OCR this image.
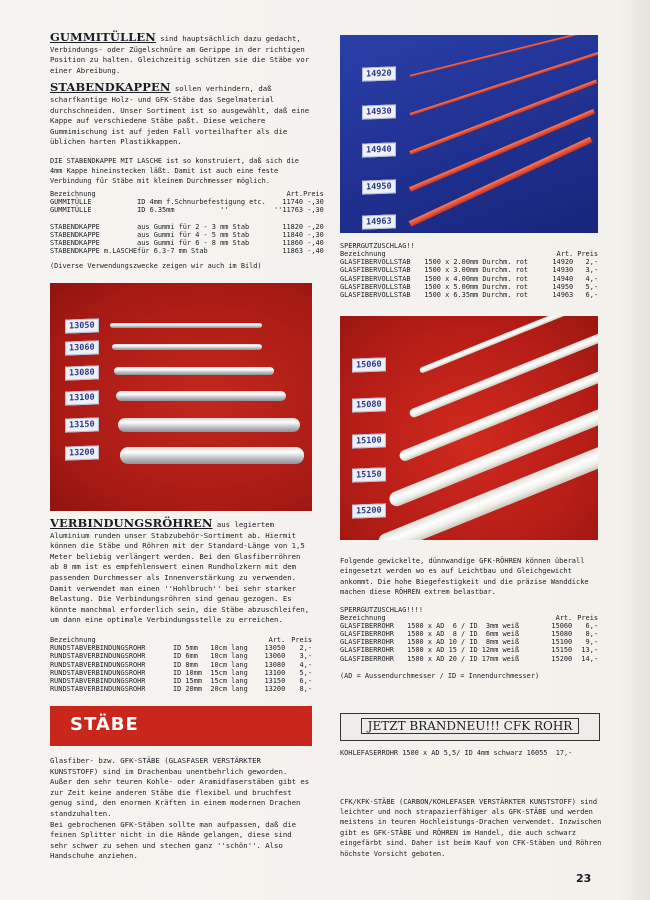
GUMMITÜLLEN sind hauptsächlich dazu gedacht, Verbindungs- oder Zügelschnüre am Gerippe in der richtigen Position zu halten. Gleichzeitig schützen sie die Stäbe vor einer Abreibung.

STABENDKAPPEN sollen verhindern, daß scharfkantige Holz- und GFK-Stäbe das Segelmaterial durchschneiden. Unser Sortiment ist so ausgewählt, daß eine Kappe auf verschiedene Stäbe paßt. Diese weichere Gummimischung ist auf jeden Fall vorteilhafter als die üblichen harten Plastikkappen.

DIE STABENDKAPPE MIT LASCHE ist so konstruiert, daß sich die 4mm Kappe hineinstecken läßt. Damit ist auch eine feste Verbindung für Stäbe mit kleinem Durchmesser möglich.

Bezeichnung		Art.	Preis
GUMMITÜLLE	ID 4mm f.Schnurbefestigung etc.	11740	-,30
GUMMITÜLLE	ID 6.35mm           ''           ''	11763	-,30

STABENDKAPPE	aus Gummi für 2 - 3 mm Stab	11820	-,20
STABENDKAPPE	aus Gummi für 4 - 5 mm Stab	11840	-,30
STABENDKAPPE	aus Gummi für 6 - 8 mm Stab	11860	-,40
STABENDKAPPE m.LASCHE	für 6.3-7 mm Stab	11863	-,40

(Diverse Verwendungszwecke zeigen wir auch im Bild)

13050
13060
13080
13100
13150
13200

VERBINDUNGSRÖHREN aus legiertem Aluminium runden unser Stabzubehör-Sortiment ab. Hiermit können die Stäbe und Röhren mit der Standard-Länge von 1,5 Meter beliebig verlängert werden. Bei den Glasfiberröhren ab 8 mm ist es empfehlenswert einen Rundholzkern mit dem passenden Durchmesser als Innenverstärkung zu verwenden. Damit verwendet man einen ''Hohlbruch'' bei sehr starker Belastung. Die Verbindungsröhren sind genau gezogen. Es könnte manchmal erforderlich sein, die Stäbe abzuschleifen, um dann eine optimale Verbindungsstelle zu erreichen.

Bezeichnung			Art.	Preis
RUNDSTABVERBINDUNGSROHR	ID 5mm	10cm lang	13050	2,-
RUNDSTABVERBINDUNGSROHR	ID 6mm	10cm lang	13060	3,-
RUNDSTABVERBINDUNGSROHR	ID 8mm	10cm lang	13080	4,-
RUNDSTABVERBINDUNGSROHR	ID 10mm	15cm lang	13100	5,-
RUNDSTABVERBINDUNGSROHR	ID 15mm	15cm lang	13150	6,-
RUNDSTABVERBINDUNGSROHR	ID 20mm	20cm lang	13200	8,-
STÄBE

Glasfiber- bzw. GFK-STÄBE (GLASFASER VERSTÄRKTER KUNSTSTOFF) sind im Drachenbau unentbehrlich geworden. Außer den sehr teuren Kohle- oder Aramidfaserstäben gibt es zur Zeit keine anderen Stäbe die flexibel und bruchfest genug sind, den enormen Kräften in einem modernen Drachen standzuhalten.

Bei gebrochenen GFK-Stäben sollte man aufpassen, daß die feinen Splitter nicht in die Hände gelangen, diese sind sehr schwer zu sehen und stechen ganz ''schön''. Also Handschuhe anziehen.

14920
14930
14940
14950
14963

SPERRGUTZUSCHLAG!!

Bezeichnung		Art.	Preis
GLASFIBERVOLLSTAB	1500 x 2.00mm Durchm. rot	14920	2,-
GLASFIBERVOLLSTAB	1500 x 3.00mm Durchm. rot	14930	3,-
GLASFIBERVOLLSTAB	1500 x 4.00mm Durchm. rot	14940	4,-
GLASFIBERVOLLSTAB	1500 x 5.00mm Durchm. rot	14950	5,-
GLASFIBERVOLLSTAB	1500 x 6.35mm Durchm. rot	14963	6,-
15060
15080
15100
15150
15200

Folgende gewickelte, dünnwandige GFK-RÖHREN können überall eingesetzt werden wo es auf Leichtbau und Gleichgewicht ankommt. Die hohe Biegefestigkeit und die präzise Wanddicke machen diese RÖHREN extrem belastbar.

SPERRGUTZUSCHLAG!!!!

Bezeichnung		Art.	Preis
GLASFIBERROHR	1500 x AD  6 / ID  3mm weiß	15060	6,-
GLASFIBERROHR	1500 x AD  8 / ID  6mm weiß	15080	8,-
GLASFIBERROHR	1500 x AD 10 / ID  8mm weiß	15100	9,-
GLASFIBERROHR	1500 x AD 15 / ID 12mm weiß	15150	13,-
GLASFIBERROHR	1500 x AD 20 / ID 17mm weiß	15200	14,-

(AD = Aussendurchmesser / ID = Innendurchmesser)

JETZT BRANDNEU!!! CFK ROHR

KOHLEFASERROHR 1500 x AD 5,5/ ID 4mm schwarz 16055  17,-

CFK/KFK-STÄBE (CARBON/KOHLEFASER VERSTÄRKTER KUNSTSTOFF) sind leichter und noch strapazierfähiger als GFK-STÄBE und werden meistens in teuren Hochleistungs-Drachen verwendet. Inzwischen gibt es GFK-STÄBE und RÖHREN im Handel, die auch schwarz eingefärbt sind. Daher ist beim Kauf von CFK-Stäben und Röhren höchste Vorsicht geboten.

23
